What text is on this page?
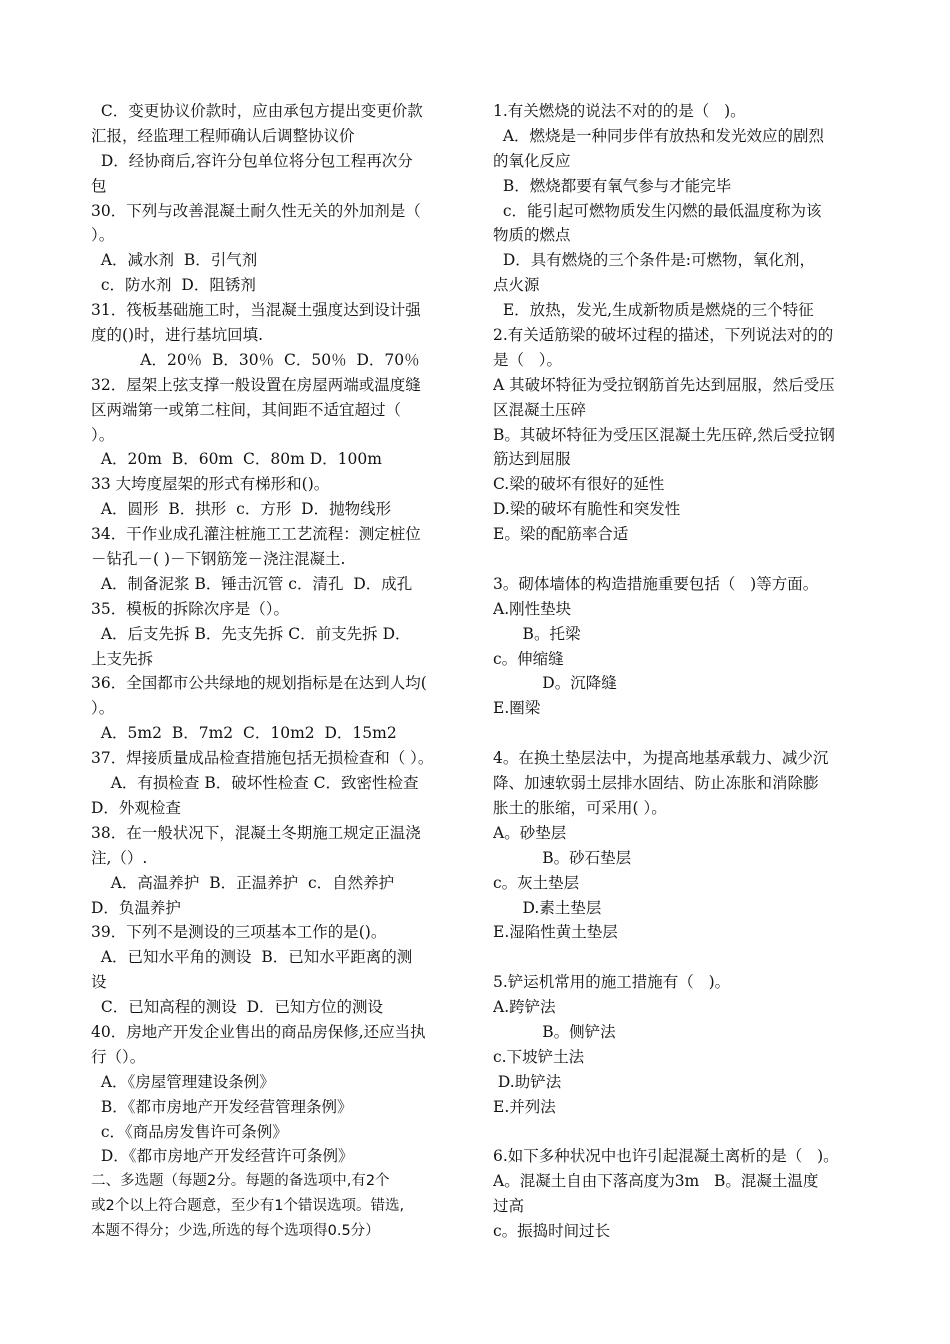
C．变更协议价款时，应由承包方提出变更价款
汇报，经监理工程师确认后调整协议价
D．经协商后,容许分包单位将分包工程再次分
包
30．下列与改善混凝土耐久性无关的外加剂是（
）。
A．减水剂  B．引气剂
c．防水剂  D．阻锈剂
31．筏板基础施工时，当混凝土强度达到设计强
度的()时，进行基坑回填.
A．20％  B．30％  C．50％  D．70％
32．屋架上弦支撑一般设置在房屋两端或温度缝
区两端第一或第二柱间，其间距不适宜超过（
）。
A．20m  B．60m  C．80m D．100m
33 大垮度屋架的形式有梯形和()。
A．圆形  B．拱形  c．方形  D．抛物线形
34．干作业成孔灌注桩施工工艺流程：测定桩位
－钻孔－( )－下钢筋笼－浇注混凝土.
A．制备泥浆 B．锤击沉管 c．清孔  D．成孔
35．模板的拆除次序是（）。
A．后支先拆 B．先支先拆 C．前支先拆 D．
上支先拆
36．全国都市公共绿地的规划指标是在达到人均(
）。
A．5m2  B．7m2  C．10m2  D．15m2
37．焊接质量成品检查措施包括无损检查和（ ）。
A．有损检查 B．破坏性检查 C．致密性检查
D．外观检查
38．在一般状况下，混凝土冬期施工规定正温浇
注,（）.
A．高温养护  B．正温养护  c．自然养护
D．负温养护
39．下列不是测设的三项基本工作的是()。
A．已知水平角的测设  B．已知水平距离的测
设
C．已知高程的测设  D．已知方位的测设
40．房地产开发企业售出的商品房保修,还应当执
行（）。
A．《房屋管理建设条例》
B．《都市房地产开发经营管理条例》
c．《商品房发售许可条例》
D．《都市房地产开发经营许可条例》
二、多选题（每题2分。每题的备选项中,有2个
或2个以上符合题意，至少有1个错误选项。错选,
本题不得分；少选,所选的每个选项得0.5分）
1.有关燃烧的说法不对的的是（   )。
A．燃烧是一种同步伴有放热和发光效应的剧烈
的氧化反应
B．燃烧都要有氧气参与才能完毕
c．能引起可燃物质发生闪燃的最低温度称为该
物质的燃点
D．具有燃烧的三个条件是:可燃物，氧化剂，
点火源
E．放热，发光,生成新物质是燃烧的三个特征
2.有关适筋梁的破坏过程的描述，下列说法对的的
是（   ）。
A 其破坏特征为受拉钢筋首先达到屈服，然后受压
区混凝土压碎
B。其破坏特征为受压区混凝土先压碎,然后受拉钢
筋达到屈服
C.梁的破坏有很好的延性
D.梁的破坏有脆性和突发性
E。梁的配筋率合适
3。砌体墙体的构造措施重要包括（   )等方面。
A.刚性垫块
B。托梁
c。伸缩缝
D。沉降缝
E.圈梁
4。在换土垫层法中，为提高地基承载力、减少沉
降、加速软弱土层排水固结、防止冻胀和消除膨
胀土的胀缩，可采用( ）。
A。砂垫层
B。砂石垫层
c。灰土垫层
D.素土垫层
E.湿陷性黄土垫层
5.铲运机常用的施工措施有（   )。
A.跨铲法
B。侧铲法
c.下坡铲土法
D.助铲法
E.并列法
6.如下多种状况中也许引起混凝土离析的是（   )。
A。混凝土自由下落高度为3m   B。混凝土温度
过高
c。振捣时间过长
